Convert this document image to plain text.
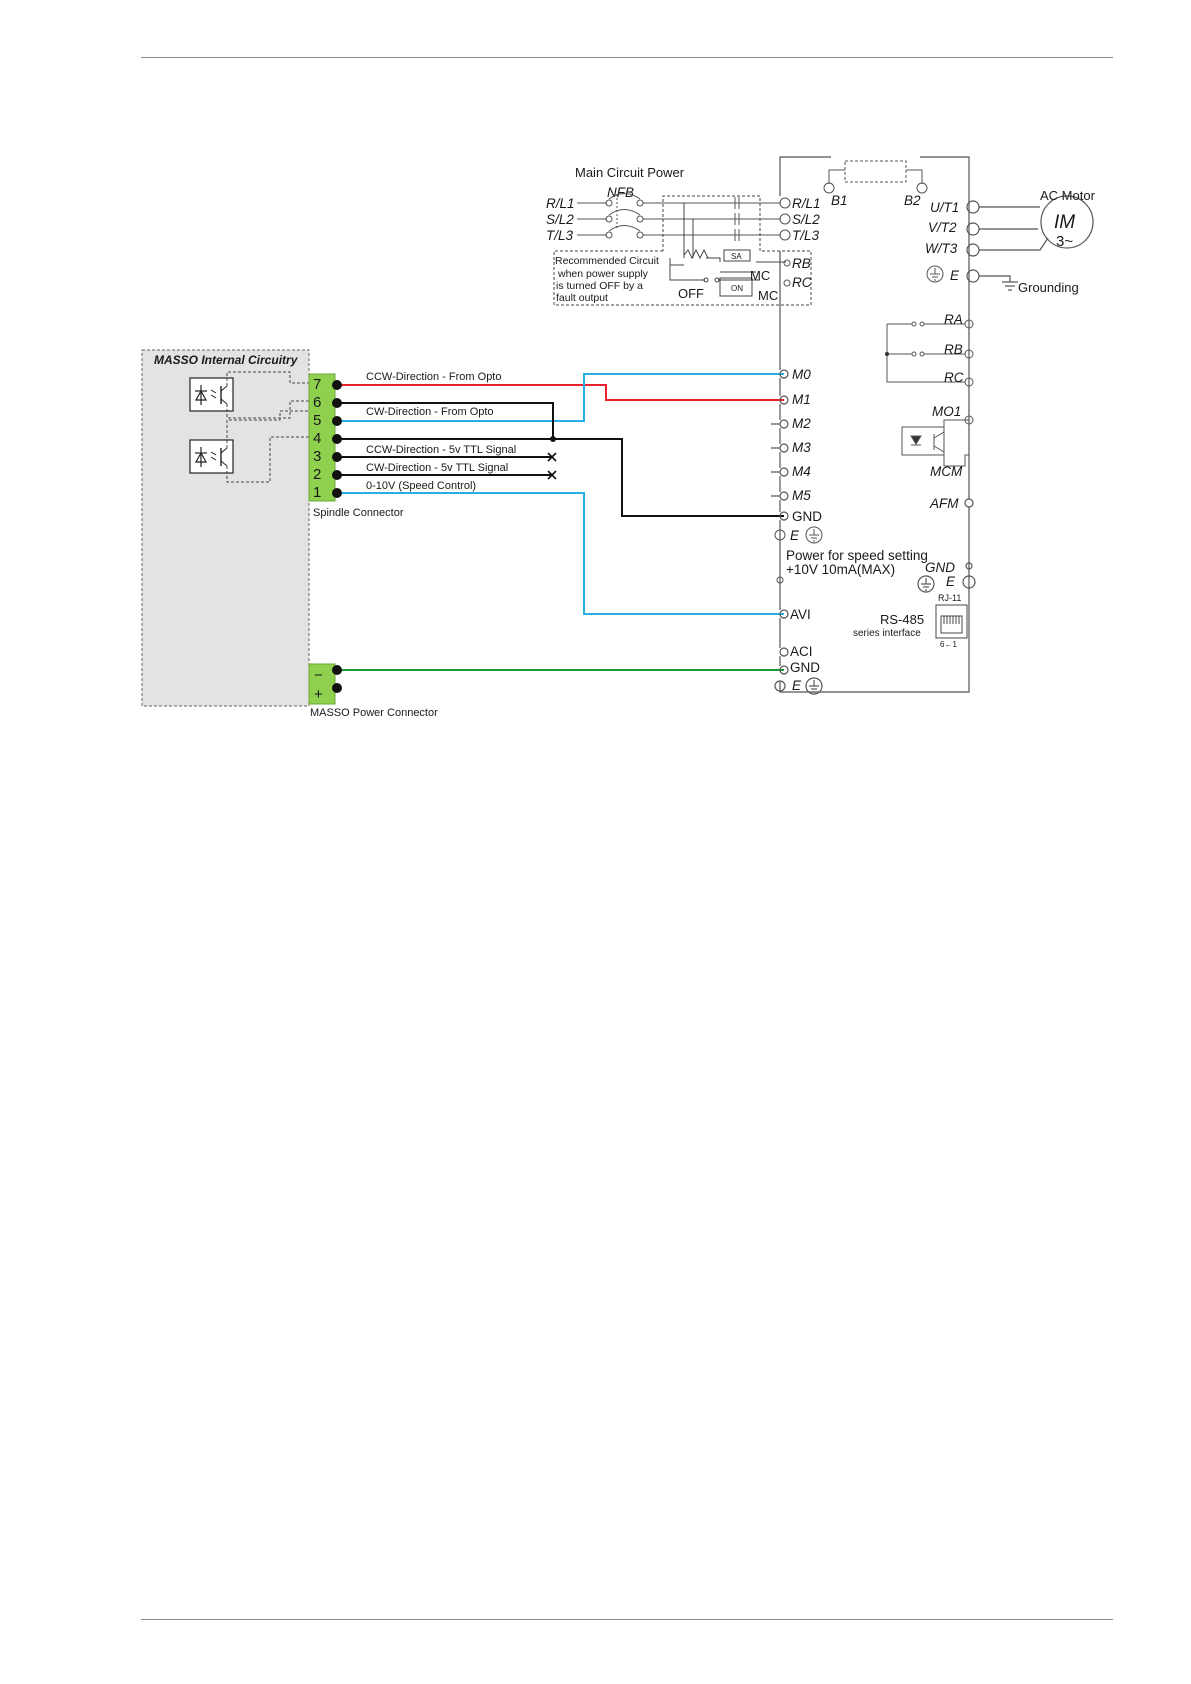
MASSO Internal Circuitry
7
6
5
4
3
2
1
Spindle Connector
−
+
MASSO Power Connector
CCW-Direction - From Opto
CW-Direction - From Opto
CCW-Direction - 5v TTL Signal
CW-Direction - 5v TTL Signal
0-10V (Speed Control)
B1	B2
Main Circuit Power
NFB
R/L1
S/L2
T/L3
R/L1
S/L2
T/L3
Recommended Circuit
when power supply
is turned OFF by a
fault output
SA
MC
ON
OFF	MC
RB
RC
U/T1
V/T2
W/T3
AC Motor
IM
3~
E
Grounding
RA
RB
RC
M0
M1
M2
M3
M4
M5
GND
E
Power for speed setting
+10V 10mA(MAX)
MO1
MCM
AFM
GND
E
AVI
ACI
GND
E
RJ-11
RS-485
series interface
6←1
